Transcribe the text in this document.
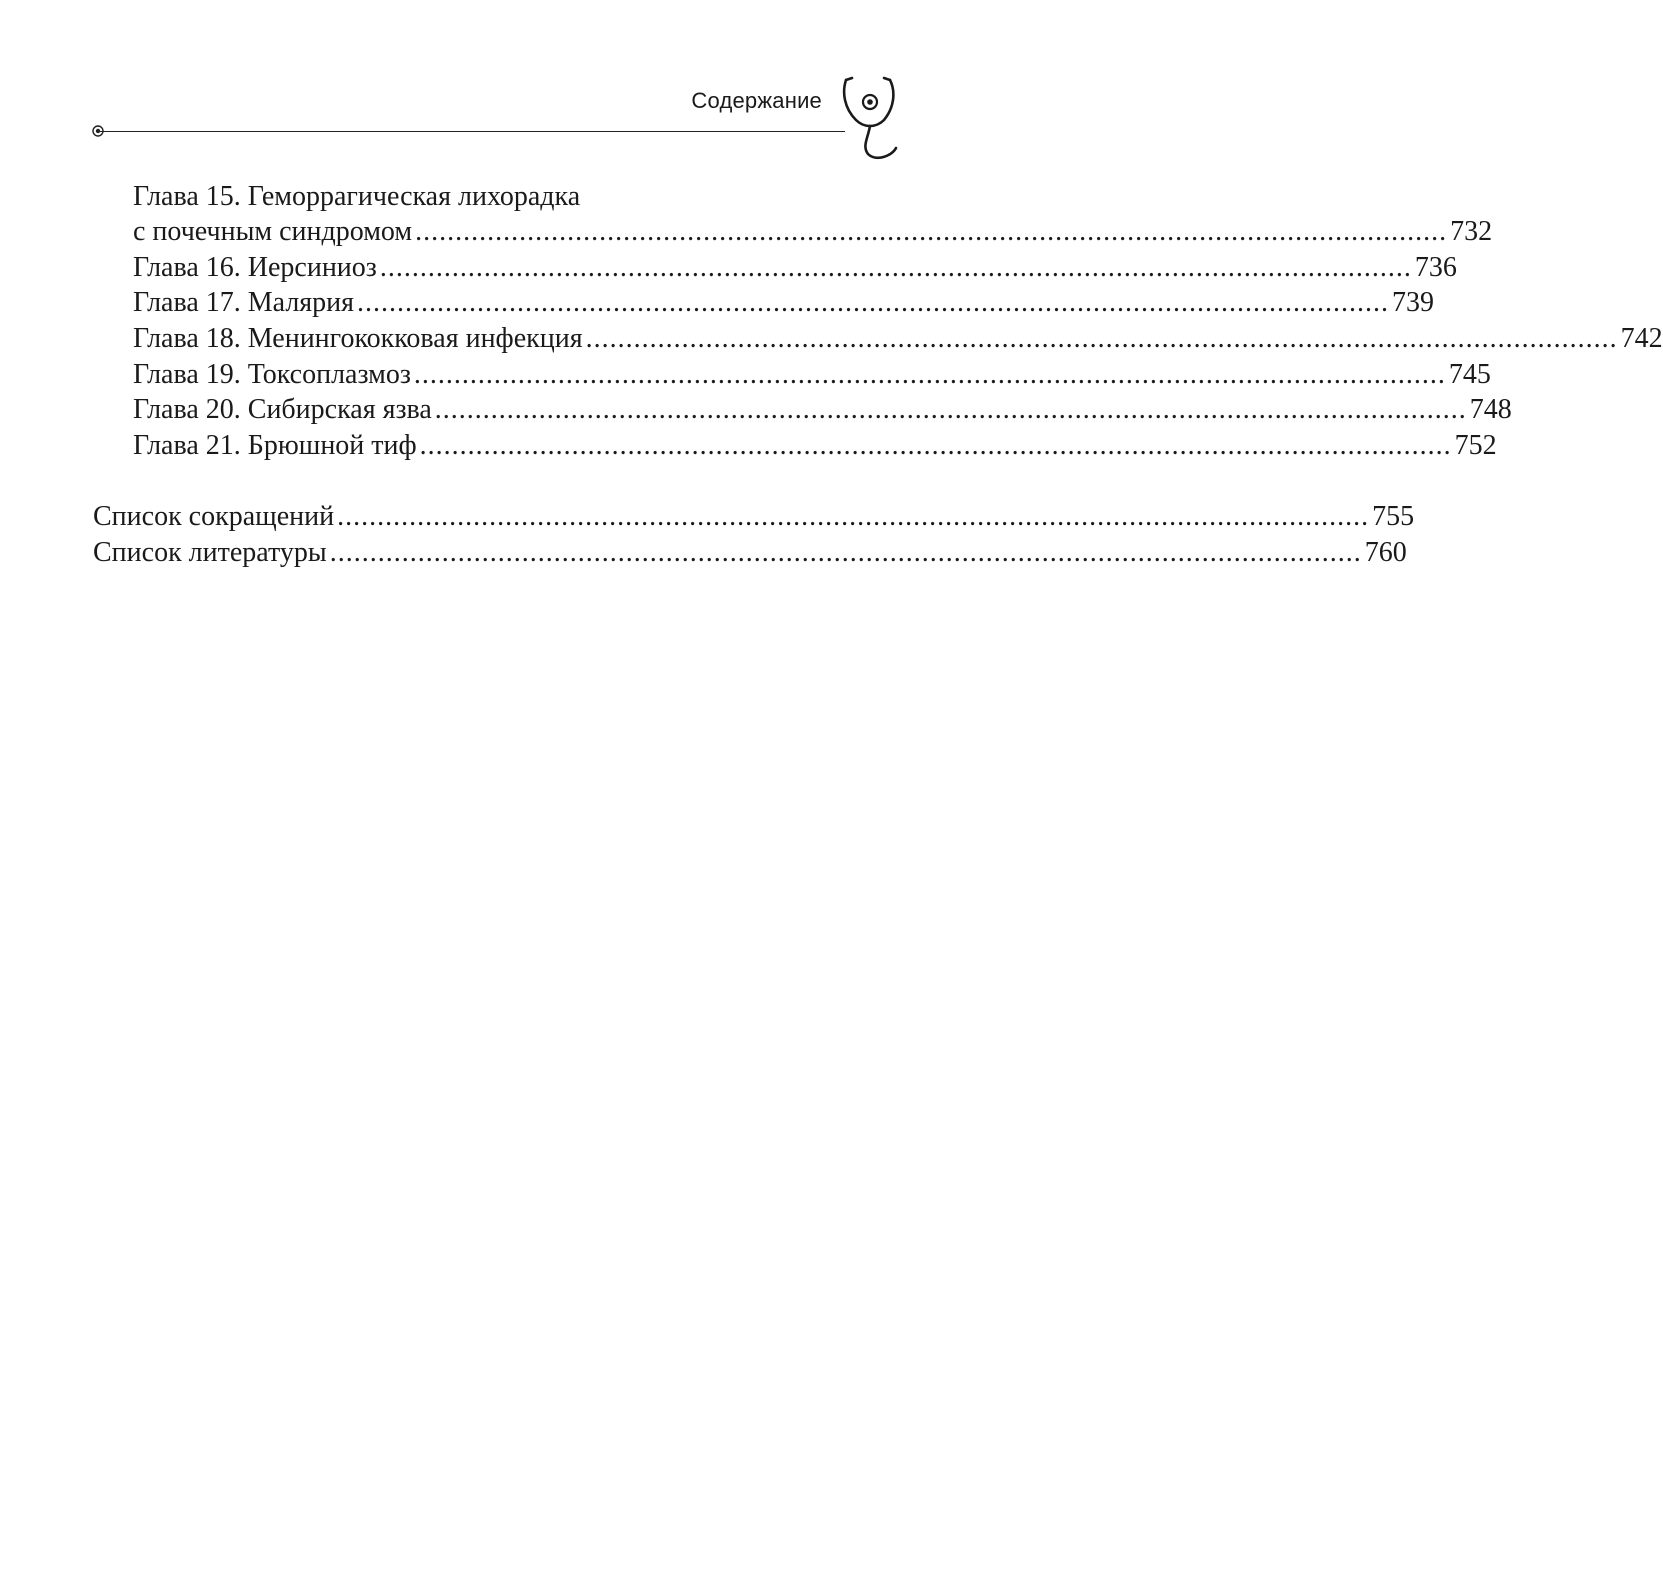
Содержание
Глава 15. Геморрагическая лихорадка
с почечным синдромом ................................................................................................................................. 732
Глава 16. Иерсиниоз ................................................................................................................................. 736
Глава 17. Малярия ................................................................................................................................. 739
Глава 18. Менингококковая инфекция ................................................................................................................................. 742
Глава 19. Токсоплазмоз ................................................................................................................................. 745
Глава 20. Сибирская язва ................................................................................................................................. 748
Глава 21. Брюшной тиф ................................................................................................................................. 752
Список сокращений ................................................................................................................................. 755
Список литературы ................................................................................................................................. 760
